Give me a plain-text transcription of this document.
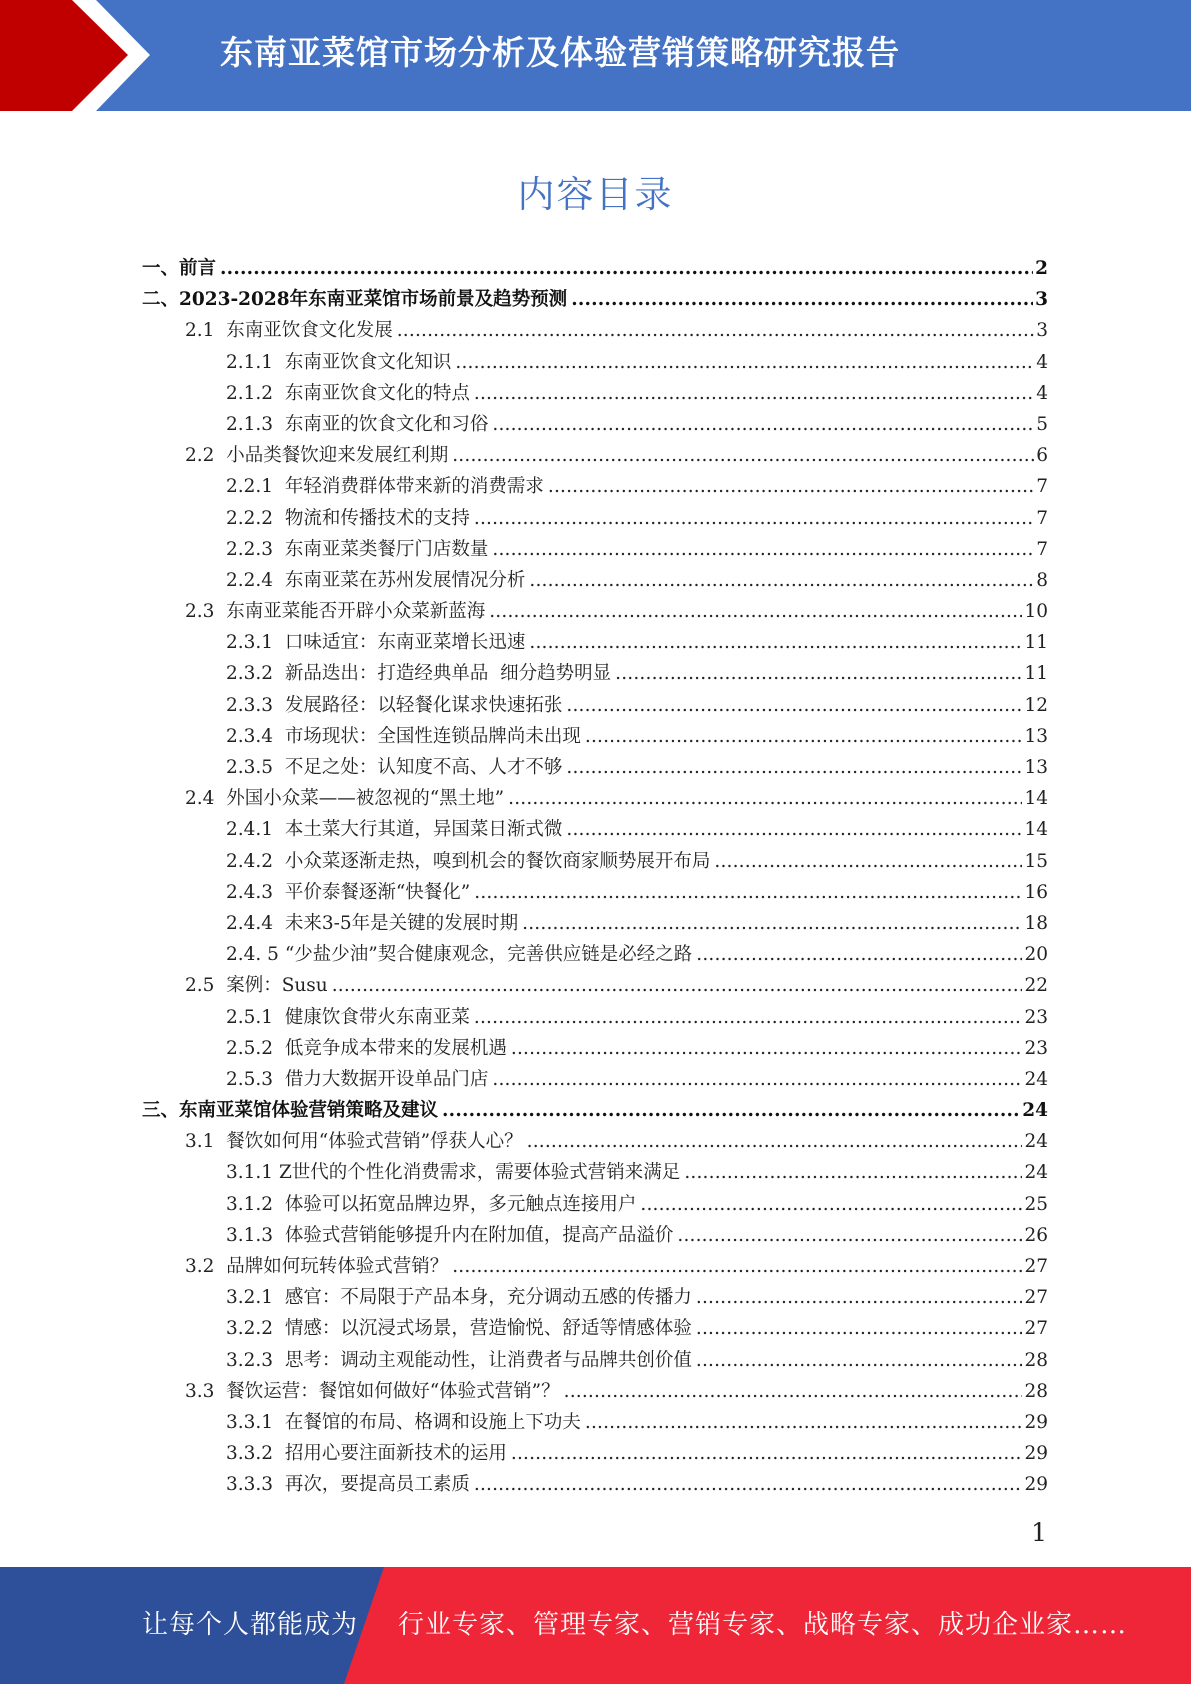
东南亚菜馆市场分析及体验营销策略研究报告
内容目录
一、 前言 .....	2
二、 2023-2028年东南亚菜馆市场前景及趋势预测 .....	3
2.1 东南亚饮食文化发展 .....	3
2.1.1 东南亚饮食文化知识 .....	4
2.1.2 东南亚饮食文化的特点 .....	4
2.1.3 东南亚的饮食文化和习俗 .....	5
2.2 小品类餐饮迎来发展红利期 .....	6
2.2.1 年轻消费群体带来新的消费需求 .....	7
2.2.2 物流和传播技术的支持 .....	7
2.2.3 东南亚菜类餐厅门店数量 .....	7
2.2.4 东南亚菜在苏州发展情况分析 .....	8
2.3 东南亚菜能否开辟小众菜新蓝海 .....	10
2.3.1 口味适宜：东南亚菜增长迅速 .....	11
2.3.2 新品迭出：打造经典单品  细分趋势明显 .....	11
2.3.3 发展路径：以轻餐化谋求快速拓张 .....	12
2.3.4 市场现状：全国性连锁品牌尚未出现 .....	13
2.3.5 不足之处：认知度不高、人才不够 .....	13
2.4 外国小众菜——被忽视的“黑土地” .....	14
2.4.1 本土菜大行其道，异国菜日渐式微 .....	14
2.4.2 小众菜逐渐走热，嗅到机会的餐饮商家顺势展开布局 .....	15
2.4.3 平价泰餐逐渐“快餐化” .....	16
2.4.4 未来3-5年是关键的发展时期 .....	18
2.4. 5 “少盐少油”契合健康观念，完善供应链是必经之路 .....	20
2.5 案例：Susu .....	22
2.5.1 健康饮食带火东南亚菜 .....	23
2.5.2 低竞争成本带来的发展机遇 .....	23
2.5.3 借力大数据开设单品门店 .....	24
三、 东南亚菜馆体验营销策略及建议 .....	24
3.1 餐饮如何用“体验式营销”俘获人心？ .....	24
3.1.1 Z世代的个性化消费需求，需要体验式营销来满足 .....	24
3.1.2 体验可以拓宽品牌边界，多元触点连接用户 .....	25
3.1.3 体验式营销能够提升内在附加值，提高产品溢价 .....	26
3.2 品牌如何玩转体验式营销？ .....	27
3.2.1 感官：不局限于产品本身，充分调动五感的传播力 .....	27
3.2.2 情感：以沉浸式场景，营造愉悦、舒适等情感体验 .....	27
3.2.3 思考：调动主观能动性，让消费者与品牌共创价值 .....	28
3.3 餐饮运营：餐馆如何做好“体验式营销”？ .....	28
3.3.1 在餐馆的布局、格调和设施上下功夫 .....	29
3.3.2 招用心要注面新技术的运用 .....	29
3.3.3 再次，要提高员工素质 .....	29
1
让每个人都能成为 行业专家、管理专家、营销专家、战略专家、成功企业家……
